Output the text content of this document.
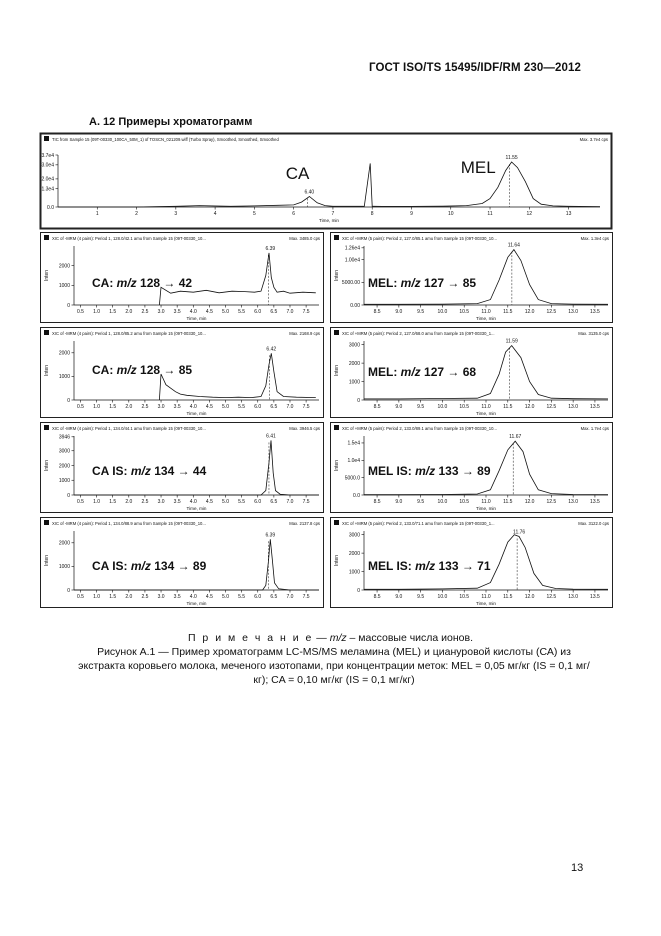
ГОСТ ISO/TS 15495/IDF/RM 230—2012
А. 12 Примеры хроматограмм
TIC from Sample 15 (09T-00330_100CA_50M_1) of TOSCN_021209.wiff (Turbo Spray), Smoothed, Smoothed, Smoothed	Max. 3.7e4 cps
1	2	3	4	5	6	7	8	9	10	11	12	13
Time, min
3.7e4
3.0e4
2.0e4
1.3e4
0.0
6.40
11.55
CA	MEL
XIC of -MRM (4 pairs): Period 1, 128.0/42.1 amu from Sample 15 (09T-00330_10...	Max. 3485.0 cps
0.5 1.0 1.5 2.0 2.5 3.0 3.5 4.0 4.5 5.0 5.5 6.0 6.5 7.0 7.5
Time, min
2000
1000
0
Inten
6.39
CA: m/z 128 → 42
XIC of +MRM (5 pairs): Period 2, 127.0/85.1 amu from Sample 15 (09T-00330_10...	Max. 1.3e4 cps
8.5	9.0	9.5	10.0 10.5 11.0 11.5 12.0 12.5 13.0 13.5
Time, min
1.26e4
1.00e4
5000.00
0.00
Inten
11.64
MEL: m/z 127 → 85
XIC of -MRM (4 pairs): Period 1, 128.0/85.2 amu from Sample 15 (09T-00330_10...	Max. 2168.9 cps
0.5 1.0 1.5 2.0 2.5 3.0 3.5 4.0 4.5 5.0 5.5 6.0 6.5 7.0 7.5
Time, min
2000
1000
0
Inten
6.42
CA: m/z 128 → 85
XIC of +MRM (5 pairs): Period 2, 127.0/68.0 amu from Sample 15 (09T-00330_1...	Max. 3135.0 cps
8.5	9.0	9.5	10.0 10.5 11.0 11.5 12.0 12.5 13.0 13.5
Time, min
3000
2000
1000
0
Inten
11.59
MEL: m/z 127 → 68
XIC of -MRM (4 pairs): Period 1, 134.0/44.1 amu from Sample 15 (09T-00330_10...	Max. 3946.5 cps
0.5 1.0 1.5 2.0 2.5 3.0 3.5 4.0 4.5 5.0 5.5 6.0 6.5 7.0 7.5
Time, min
3946
3000
2000
1000
0
Inten
6.41
CA IS: m/z 134 → 44
XIC of +MRM (5 pairs): Period 2, 133.0/89.1 amu from Sample 15 (09T-00330_10...	Max. 1.7e4 cps
8.5	9.0	9.5	10.0 10.5 11.0 11.5 12.0 12.5 13.0 13.5
Time, min
1.5e4
1.0e4
5000.0
0.0
Inten
11.67
MEL IS: m/z 133 → 89
XIC of -MRM (4 pairs): Period 1, 134.0/88.9 amu from Sample 15 (09T-00330_10...	Max. 2137.8 cps
0.5 1.0 1.5 2.0 2.5 3.0 3.5 4.0 4.5 5.0 5.5 6.0 6.5 7.0 7.5
Time, min
2000
1000
0
Inten
6.39
CA IS: m/z 134 → 89
XIC of +MRM (5 pairs): Period 2, 133.0/71.1 amu from Sample 15 (09T-00330_1...	Max. 3122.0 cps
8.5	9.0	9.5	10.0 10.5 11.0 11.5 12.0 12.5 13.0 13.5
Time, min
3000
2000
1000
0
Inten
11.76
MEL IS: m/z 133 → 71
П р и м е ч а н и е — m/z – массовые числа ионов.
Рисунок А.1 — Пример хроматограмм LC-MS/MS меламина (MEL) и циануровой кислоты (СА) из экстракта коровьего молока, меченого изотопами, при концентрации меток: MEL = 0,05 мг/кг (IS = 0,1 мг/кг); CA = 0,10 мг/кг (IS = 0,1 мг/кг)
13
